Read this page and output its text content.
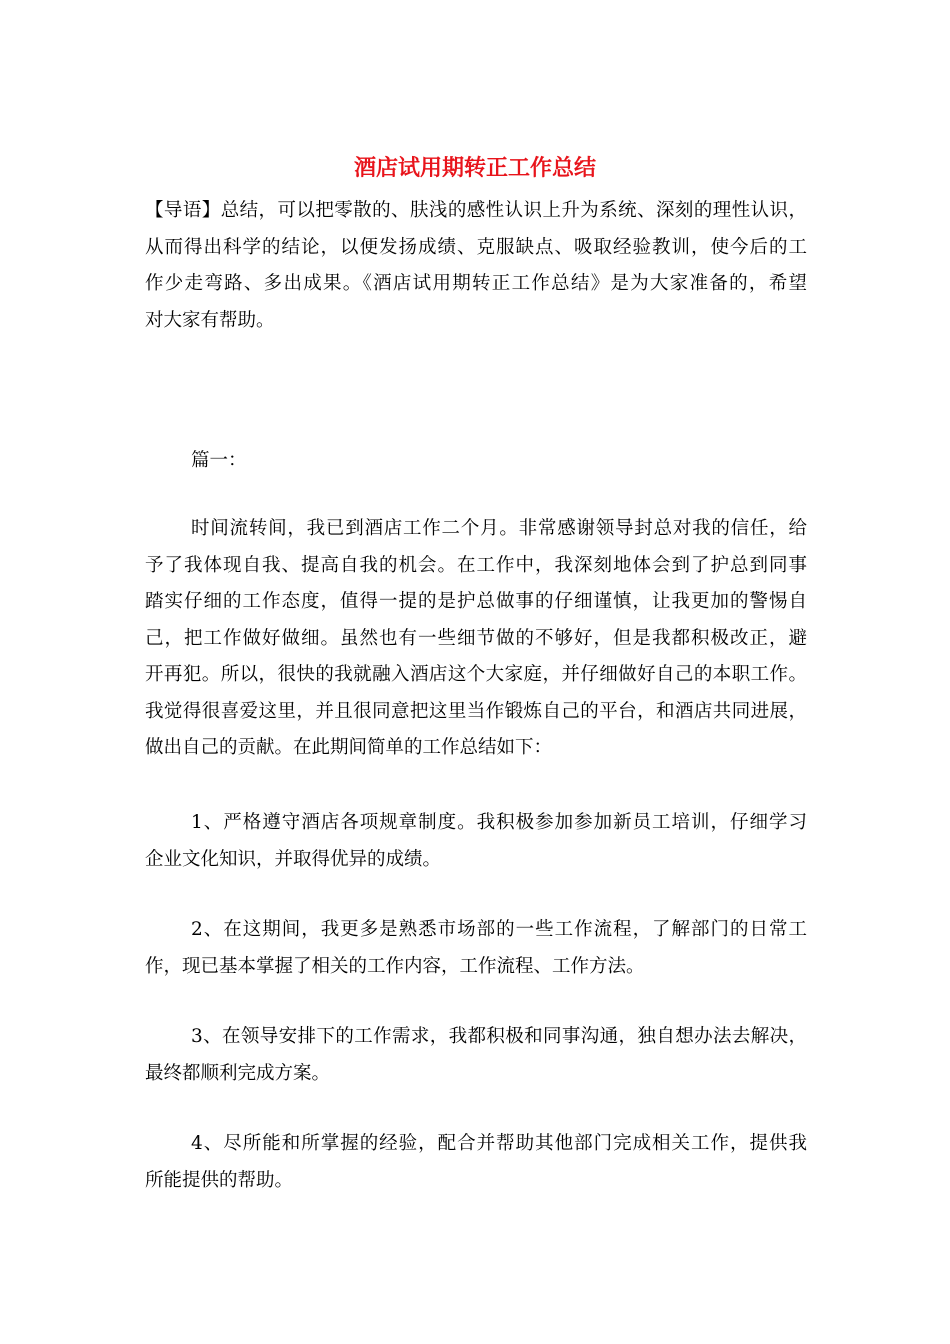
酒店试用期转正工作总结
【导语】总结，可以把零散的、肤浅的感性认识上升为系统、深刻的理性认识，
从而得出科学的结论，以便发扬成绩、克服缺点、吸取经验教训，使今后的工
作少走弯路、多出成果。《酒店试用期转正工作总结》是为大家准备的，希望
对大家有帮助。
篇一：
时间流转间，我已到酒店工作二个月。非常感谢领导封总对我的信任，给
予了我体现自我、提高自我的机会。在工作中，我深刻地体会到了护总到同事
踏实仔细的工作态度，值得一提的是护总做事的仔细谨慎，让我更加的警惕自
己，把工作做好做细。虽然也有一些细节做的不够好，但是我都积极改正，避
开再犯。所以，很快的我就融入酒店这个大家庭，并仔细做好自己的本职工作。
我觉得很喜爱这里，并且很同意把这里当作锻炼自己的平台，和酒店共同进展，
做出自己的贡献。在此期间简单的工作总结如下：
1、严格遵守酒店各项规章制度。我积极参加参加新员工培训，仔细学习
企业文化知识，并取得优异的成绩。
2、在这期间，我更多是熟悉市场部的一些工作流程，了解部门的日常工
作，现已基本掌握了相关的工作内容，工作流程、工作方法。
3、在领导安排下的工作需求，我都积极和同事沟通，独自想办法去解决，
最终都顺利完成方案。
4、尽所能和所掌握的经验，配合并帮助其他部门完成相关工作，提供我
所能提供的帮助。
